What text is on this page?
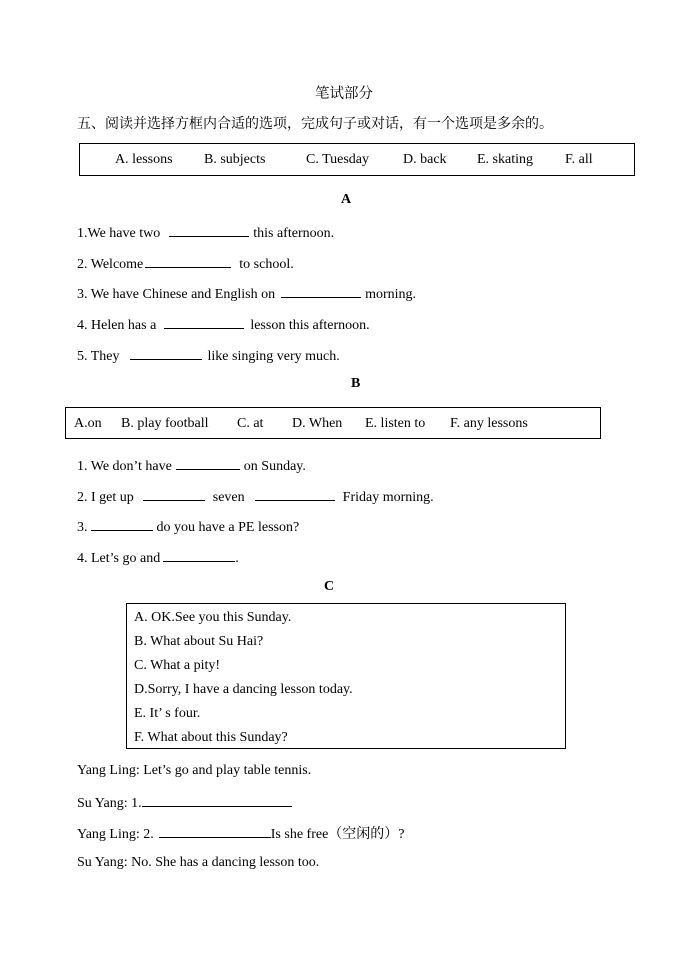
笔试部分
五、阅读并选择方框内合适的选项，完成句子或对话，有一个选项是多余的。
A. lessons B. subjects	C. Tuesday D. back E. skating F. all
A
1.We have two	this afternoon.
2. Welcome	to school.
3. We have Chinese and English on	morning.
4. Helen has a	lesson this afternoon.
5. They	like singing very much.
B
A.on B. play football C. at D. When E. listen to F. any lessons
1. We don’t have	on Sunday.
2. I get up	seven	Friday morning.
3.	do you have a PE lesson?
4. Let’s go and	.
C
A. OK.See you this Sunday.
B. What about Su Hai?
C. What a pity!
D.Sorry, I have a dancing lesson today.
E. It’ s four.
F. What about this Sunday?
Yang Ling: Let’s go and play table tennis.
Su Yang: 1.
Yang Ling: 2.	Is she free（空闲的）?
Su Yang: No. She has a dancing lesson too.
